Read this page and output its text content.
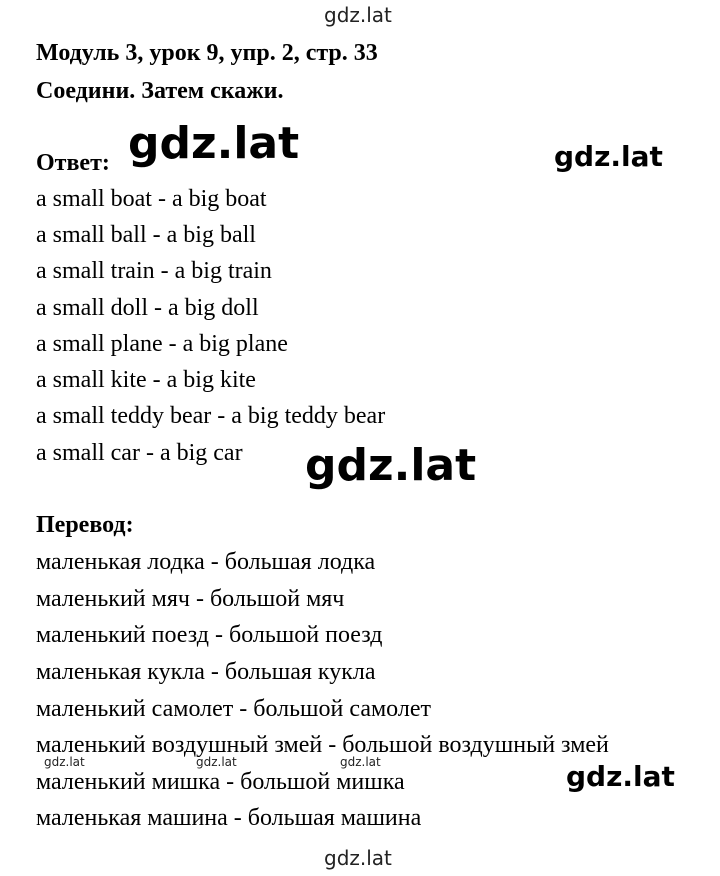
gdz.lat
gdz.lat	gdz.lat
gdz.lat
gdz.lat	gdz.lat	gdz.lat	gdz.lat
gdz.lat
Модуль 3, урок 9, упр. 2, стр. 33
Соедини. Затем скажи.
Ответ:
a small boat - a big boat
a small ball - a big ball
a small train - a big train
a small doll - a big doll
a small plane - a big plane
a small kite - a big kite
a small teddy bear - a big teddy bear
a small car - a big car
Перевод:
маленькая лодка - большая лодка
маленький мяч - большой мяч
маленький поезд - большой поезд
маленькая кукла - большая кукла
маленький самолет - большой самолет
маленький воздушный змей - большой воздушный змей
маленький мишка - большой мишка
маленькая машина - большая машина
